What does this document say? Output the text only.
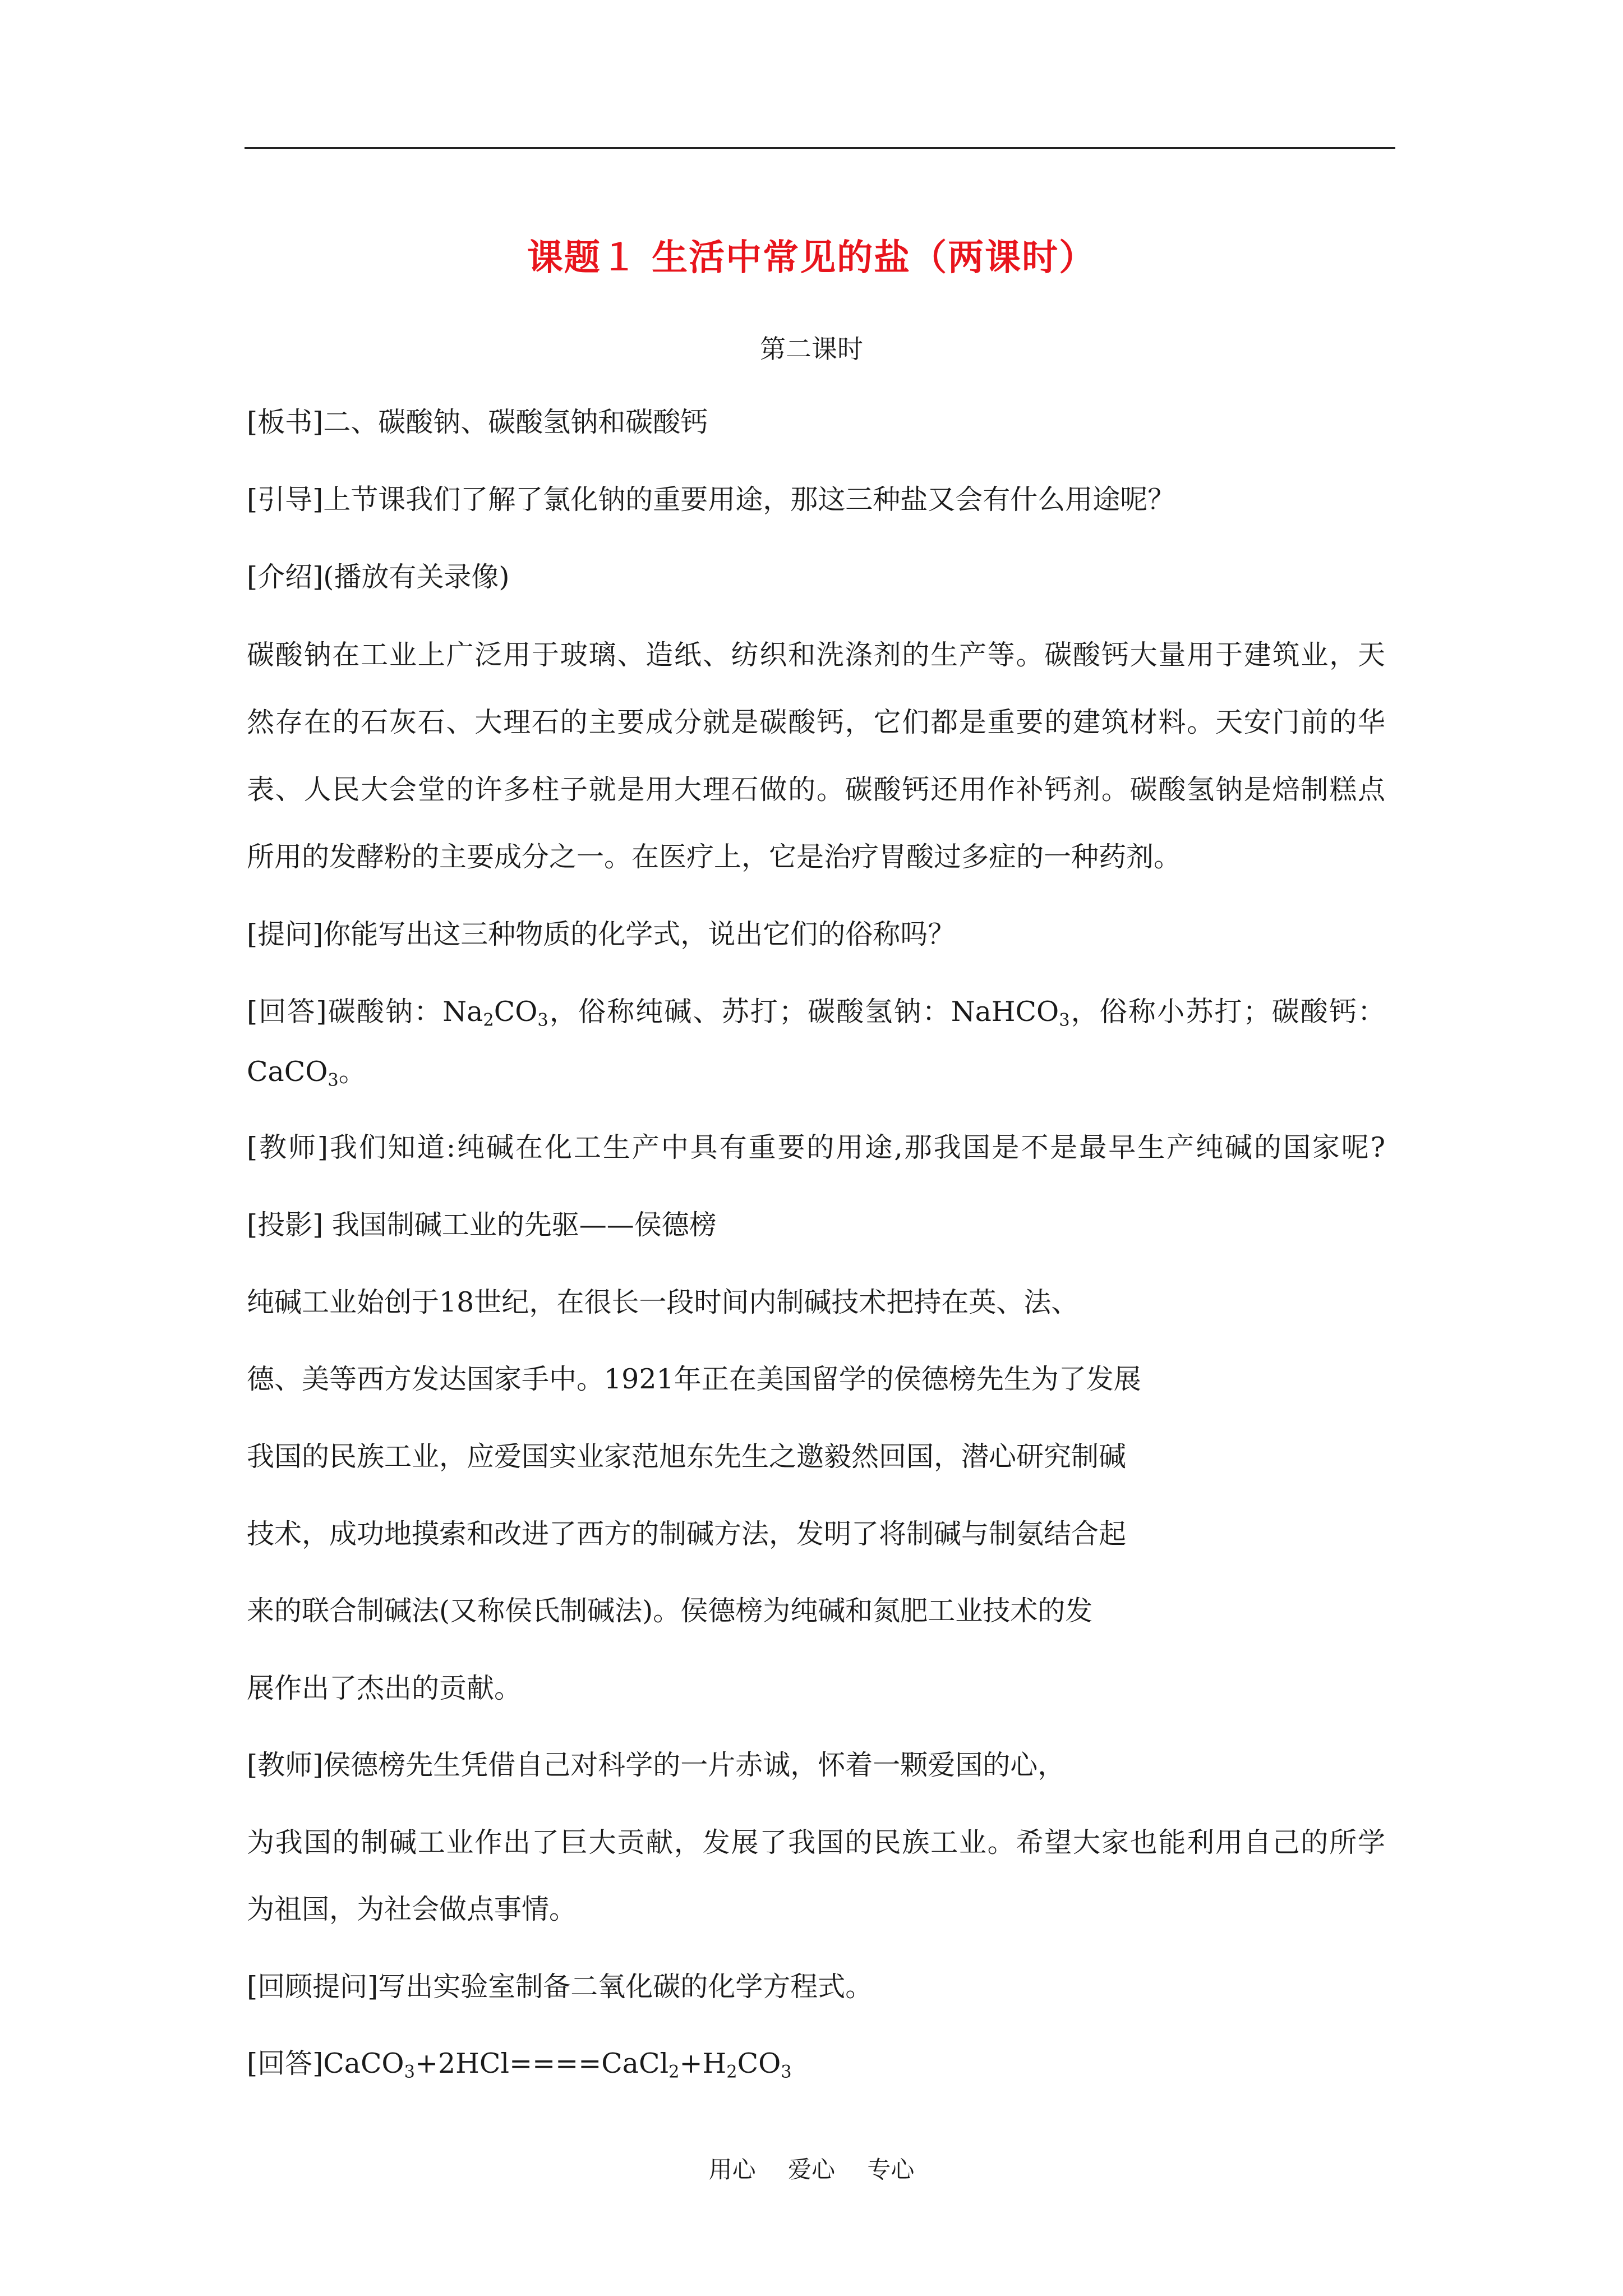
课题１ 生活中常见的盐（两课时）
第二课时
[板书]二、碳酸钠、碳酸氢钠和碳酸钙
[引导]上节课我们了解了氯化钠的重要用途，那这三种盐又会有什么用途呢？
[介绍](播放有关录像)
碳酸钠在工业上广泛用于玻璃、造纸、纺织和洗涤剂的生产等。碳酸钙大量用于建筑业，天
然存在的石灰石、大理石的主要成分就是碳酸钙，它们都是重要的建筑材料。天安门前的华
表、人民大会堂的许多柱子就是用大理石做的。碳酸钙还用作补钙剂。碳酸氢钠是焙制糕点
所用的发酵粉的主要成分之一。在医疗上，它是治疗胃酸过多症的一种药剂。
[提问]你能写出这三种物质的化学式，说出它们的俗称吗？
[回答]碳酸钠：$Na_2CO_3$，俗称纯碱、苏打；碳酸氢钠：NaHCO$_3$，俗称小苏打；碳酸钙：
CaCO$_3$。
[教师]我们知道:纯碱在化工生产中具有重要的用途,那我国是不是最早生产纯碱的国家呢?
[投影] 我国制碱工业的先驱——侯德榜
纯碱工业始创于18世纪，在很长一段时间内制碱技术把持在英、法、
德、美等西方发达国家手中。1921年正在美国留学的侯德榜先生为了发展
我国的民族工业，应爱国实业家范旭东先生之邀毅然回国，潜心研究制碱
技术，成功地摸索和改进了西方的制碱方法，发明了将制碱与制氨结合起
来的联合制碱法(又称侯氏制碱法)。侯德榜为纯碱和氮肥工业技术的发
展作出了杰出的贡献。
[教师]侯德榜先生凭借自己对科学的一片赤诚，怀着一颗爱国的心，
为我国的制碱工业作出了巨大贡献，发展了我国的民族工业。希望大家也能利用自己的所学
为祖国，为社会做点事情。
[回顾提问]写出实验室制备二氧化碳的化学方程式。
[回答]$CaCO_3+2HCl====CaCl_2+H_2CO_3$
用心 爱心 专心
